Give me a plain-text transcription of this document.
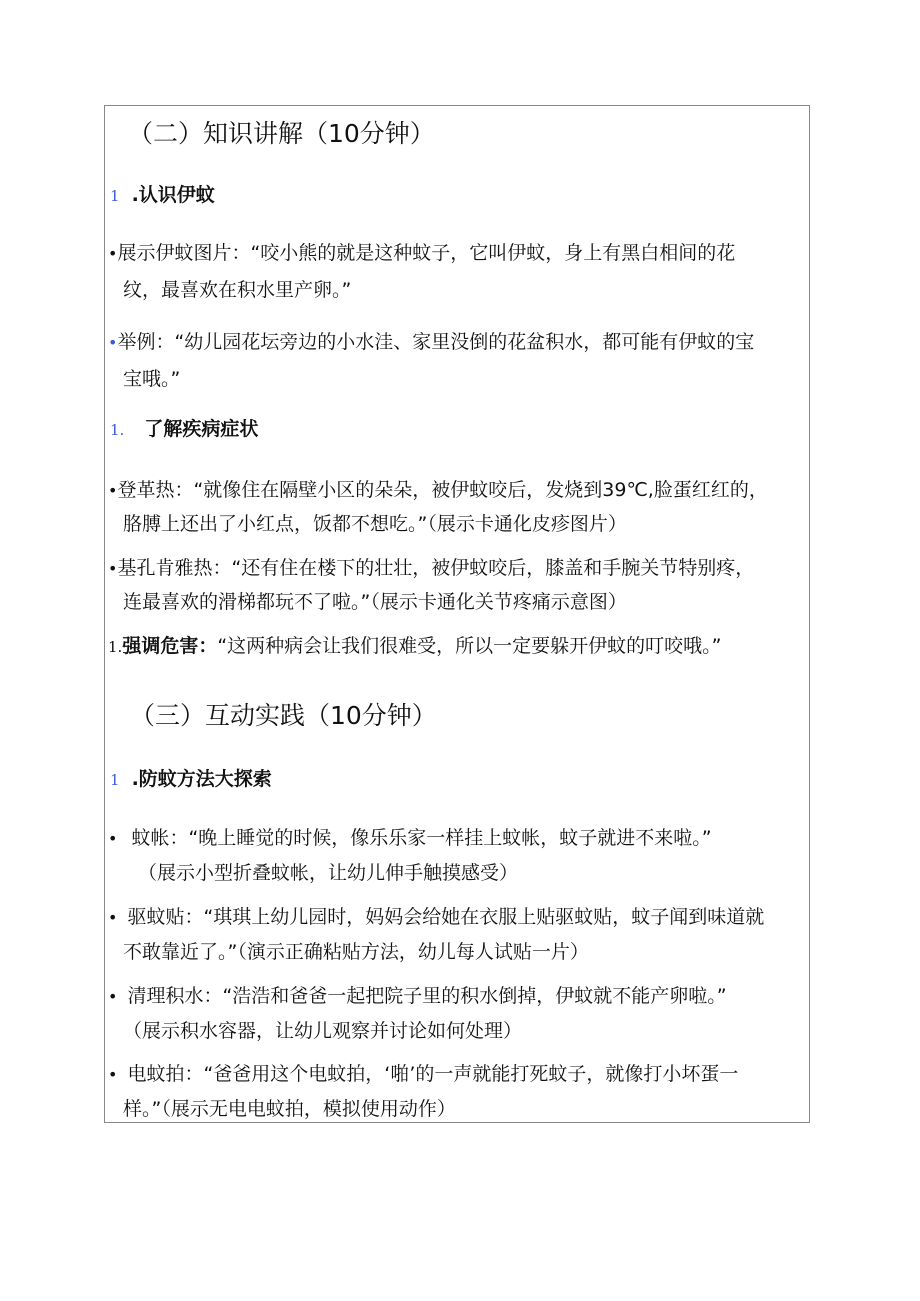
（二）知识讲解（10分钟）
1 .认识伊蚊
•展示伊蚊图片：“咬小熊的就是这种蚊子，它叫伊蚊，身上有黑白相间的花
纹，最喜欢在积水里产卵。”
•举例：“幼儿园花坛旁边的小水洼、家里没倒的花盆积水，都可能有伊蚊的宝
宝哦。”
1. 了解疾病症状
•登革热：“就像住在隔壁小区的朵朵，被伊蚊咬后，发烧到39℃,脸蛋红红的，
胳膊上还出了小红点，饭都不想吃。”（展示卡通化皮疹图片）
•基孔肯雅热：“还有住在楼下的壮壮，被伊蚊咬后，膝盖和手腕关节特别疼，
连最喜欢的滑梯都玩不了啦。”（展示卡通化关节疼痛示意图）
1.强调危害：“这两种病会让我们很难受，所以一定要躲开伊蚊的叮咬哦。”
（三）互动实践（10分钟）
1 .防蚊方法大探索
• 蚊帐：“晚上睡觉的时候，像乐乐家一样挂上蚊帐，蚊子就进不来啦。”
（展示小型折叠蚊帐，让幼儿伸手触摸感受）
• 驱蚊贴：“琪琪上幼儿园时，妈妈会给她在衣服上贴驱蚊贴，蚊子闻到味道就
不敢靠近了。”（演示正确粘贴方法，幼儿每人试贴一片）
• 清理积水：“浩浩和爸爸一起把院子里的积水倒掉，伊蚊就不能产卵啦。”
（展示积水容器，让幼儿观察并讨论如何处理）
• 电蚊拍：“爸爸用这个电蚊拍，‘啪’的一声就能打死蚊子，就像打小坏蛋一
样。”（展示无电电蚊拍，模拟使用动作）
